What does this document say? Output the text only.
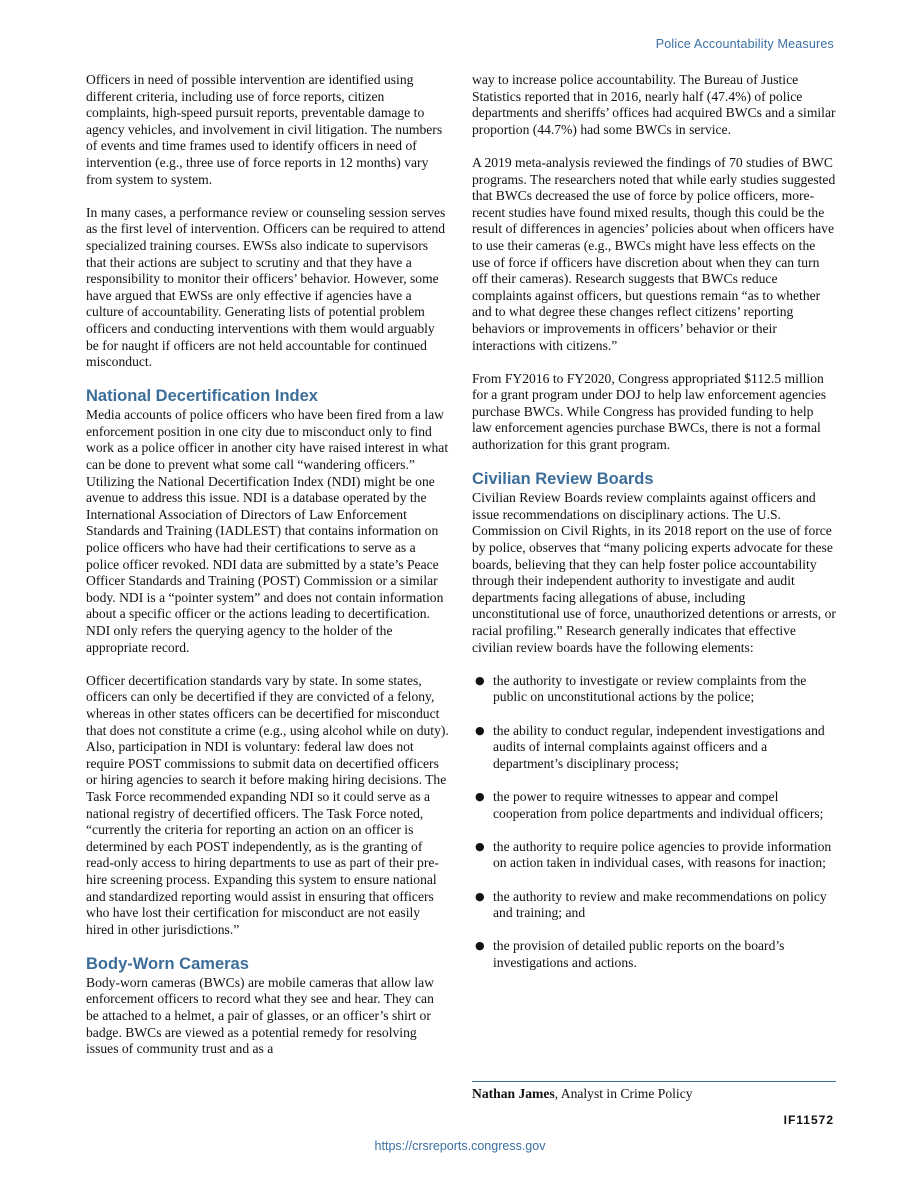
Police Accountability Measures

Officers in need of possible intervention are identified using different criteria, including use of force reports, citizen complaints, high-speed pursuit reports, preventable damage to agency vehicles, and involvement in civil litigation. The numbers of events and time frames used to identify officers in need of intervention (e.g., three use of force reports in 12 months) vary from system to system.

In many cases, a performance review or counseling session serves as the first level of intervention. Officers can be required to attend specialized training courses. EWSs also indicate to supervisors that their actions are subject to scrutiny and that they have a responsibility to monitor their officers’ behavior. However, some have argued that EWSs are only effective if agencies have a culture of accountability. Generating lists of potential problem officers and conducting interventions with them would arguably be for naught if officers are not held accountable for continued misconduct.

National Decertification Index

Media accounts of police officers who have been fired from a law enforcement position in one city due to misconduct only to find work as a police officer in another city have raised interest in what can be done to prevent what some call “wandering officers.” Utilizing the National Decertification Index (NDI) might be one avenue to address this issue. NDI is a database operated by the International Association of Directors of Law Enforcement Standards and Training (IADLEST) that contains information on police officers who have had their certifications to serve as a police officer revoked. NDI data are submitted by a state’s Peace Officer Standards and Training (POST) Commission or a similar body. NDI is a “pointer system” and does not contain information about a specific officer or the actions leading to decertification. NDI only refers the querying agency to the holder of the appropriate record.

Officer decertification standards vary by state. In some states, officers can only be decertified if they are convicted of a felony, whereas in other states officers can be decertified for misconduct that does not constitute a crime (e.g., using alcohol while on duty). Also, participation in NDI is voluntary: federal law does not require POST commissions to submit data on decertified officers or hiring agencies to search it before making hiring decisions. The Task Force recommended expanding NDI so it could serve as a national registry of decertified officers. The Task Force noted, “currently the criteria for reporting an action on an officer is determined by each POST independently, as is the granting of read-only access to hiring departments to use as part of their pre-hire screening process. Expanding this system to ensure national and standardized reporting would assist in ensuring that officers who have lost their certification for misconduct are not easily hired in other jurisdictions.”

Body-Worn Cameras

Body-worn cameras (BWCs) are mobile cameras that allow law enforcement officers to record what they see and hear. They can be attached to a helmet, a pair of glasses, or an officer’s shirt or badge. BWCs are viewed as a potential remedy for resolving issues of community trust and as a

way to increase police accountability. The Bureau of Justice Statistics reported that in 2016, nearly half (47.4%) of police departments and sheriffs’ offices had acquired BWCs and a similar proportion (44.7%) had some BWCs in service.

A 2019 meta-analysis reviewed the findings of 70 studies of BWC programs. The researchers noted that while early studies suggested that BWCs decreased the use of force by police officers, more-recent studies have found mixed results, though this could be the result of differences in agencies’ policies about when officers have to use their cameras (e.g., BWCs might have less effects on the use of force if officers have discretion about when they can turn off their cameras). Research suggests that BWCs reduce complaints against officers, but questions remain “as to whether and to what degree these changes reflect citizens’ reporting behaviors or improvements in officers’ behavior or their interactions with citizens.”

From FY2016 to FY2020, Congress appropriated $112.5 million for a grant program under DOJ to help law enforcement agencies purchase BWCs. While Congress has provided funding to help law enforcement agencies purchase BWCs, there is not a formal authorization for this grant program.

Civilian Review Boards

Civilian Review Boards review complaints against officers and issue recommendations on disciplinary actions. The U.S. Commission on Civil Rights, in its 2018 report on the use of force by police, observes that “many policing experts advocate for these boards, believing that they can help foster police accountability through their independent authority to investigate and audit departments facing allegations of abuse, including unconstitutional use of force, unauthorized detentions or arrests, or racial profiling.” Research generally indicates that effective civilian review boards have the following elements:

● the authority to investigate or review complaints from the public on unconstitutional actions by the police;
● the ability to conduct regular, independent investigations and audits of internal complaints against officers and a department’s disciplinary process;
● the power to require witnesses to appear and compel cooperation from police departments and individual officers;
● the authority to require police agencies to provide information on action taken in individual cases, with reasons for inaction;
● the authority to review and make recommendations on policy and training; and
● the provision of detailed public reports on the board’s investigations and actions.
Nathan James, Analyst in Crime Policy
IF11572
https://crsreports.congress.gov
